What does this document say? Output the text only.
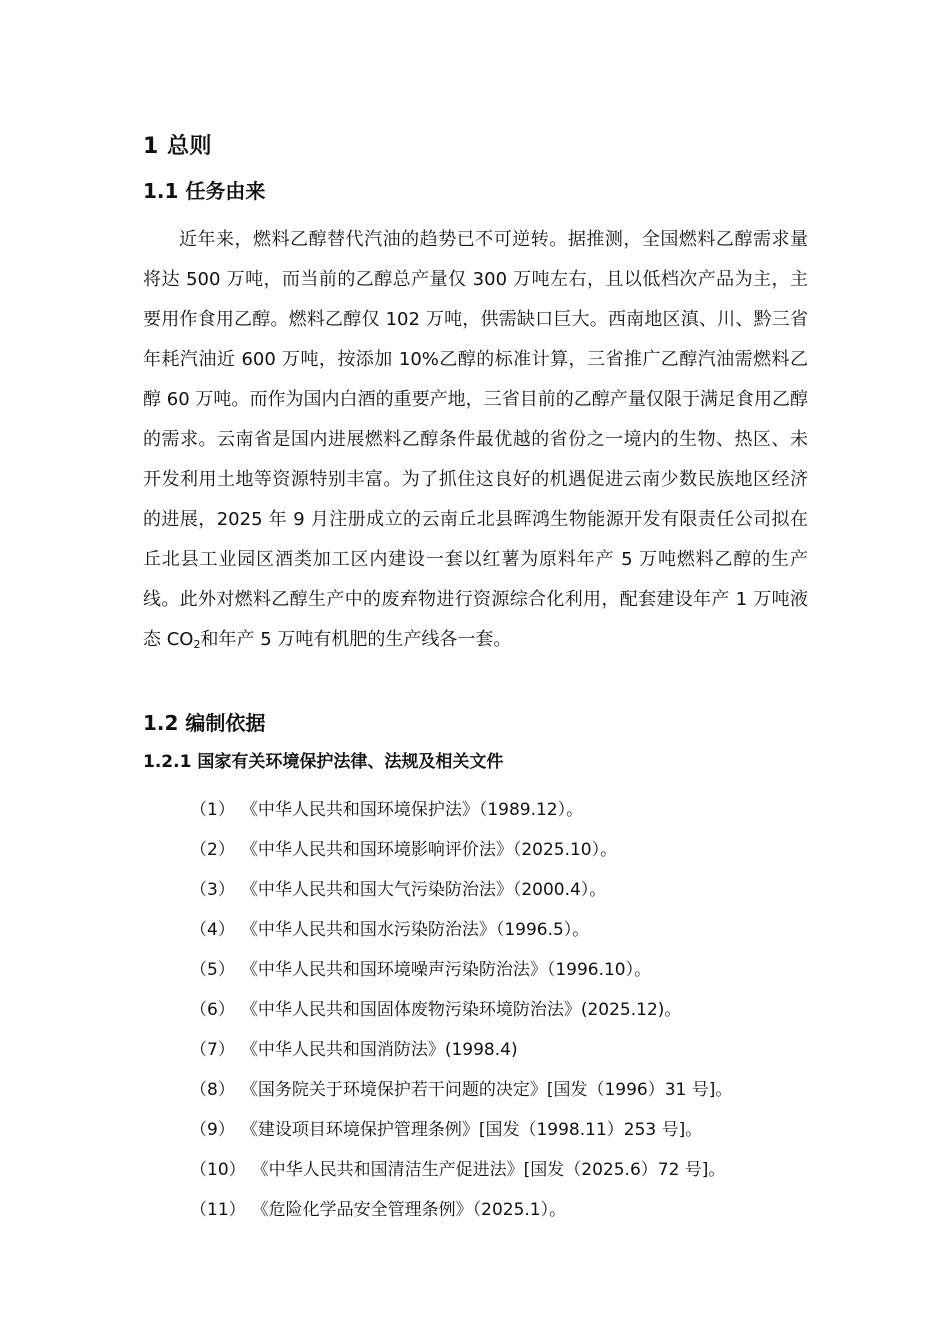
1 总则
1.1 任务由来

近年来，燃料乙醇替代汽油的趋势已不可逆转。据推测，全国燃料乙醇需求量将达 500 万吨，而当前的乙醇总产量仅 300 万吨左右，且以低档次产品为主，主要用作食用乙醇。燃料乙醇仅 102 万吨，供需缺口巨大。西南地区滇、川、黔三省年耗汽油近 600 万吨，按添加 10%乙醇的标准计算，三省推广乙醇汽油需燃料乙醇 60 万吨。而作为国内白酒的重要产地，三省目前的乙醇产量仅限于满足食用乙醇的需求。云南省是国内进展燃料乙醇条件最优越的省份之一境内的生物、热区、未开发利用土地等资源特别丰富。为了抓住这良好的机遇促进云南少数民族地区经济的进展，2025 年 9 月注册成立的云南丘北县晖鸿生物能源开发有限责任公司拟在丘北县工业园区酒类加工区内建设一套以红薯为原料年产 5 万吨燃料乙醇的生产线。此外对燃料乙醇生产中的废弃物进行资源综合化利用，配套建设年产 1 万吨液态 $CO_2$和年产 5 万吨有机肥的生产线各一套。

1.2 编制依据
1.2.1 国家有关环境保护法律、法规及相关文件
（1） 《中华人民共和国环境保护法》（1989.12）。
（2） 《中华人民共和国环境影响评价法》（2025.10）。
（3） 《中华人民共和国大气污染防治法》（2000.4）。
（4） 《中华人民共和国水污染防治法》（1996.5）。
（5） 《中华人民共和国环境噪声污染防治法》（1996.10）。
（6） 《中华人民共和国固体废物污染环境防治法》(2025.12)。
（7） 《中华人民共和国消防法》(1998.4)
（8） 《国务院关于环境保护若干问题的决定》[国发（1996）31 号]。
（9） 《建设项目环境保护管理条例》[国发（1998.11）253 号]。
（10） 《中华人民共和国清洁生产促进法》[国发（2025.6）72 号]。
（11） 《危险化学品安全管理条例》（2025.1）。
